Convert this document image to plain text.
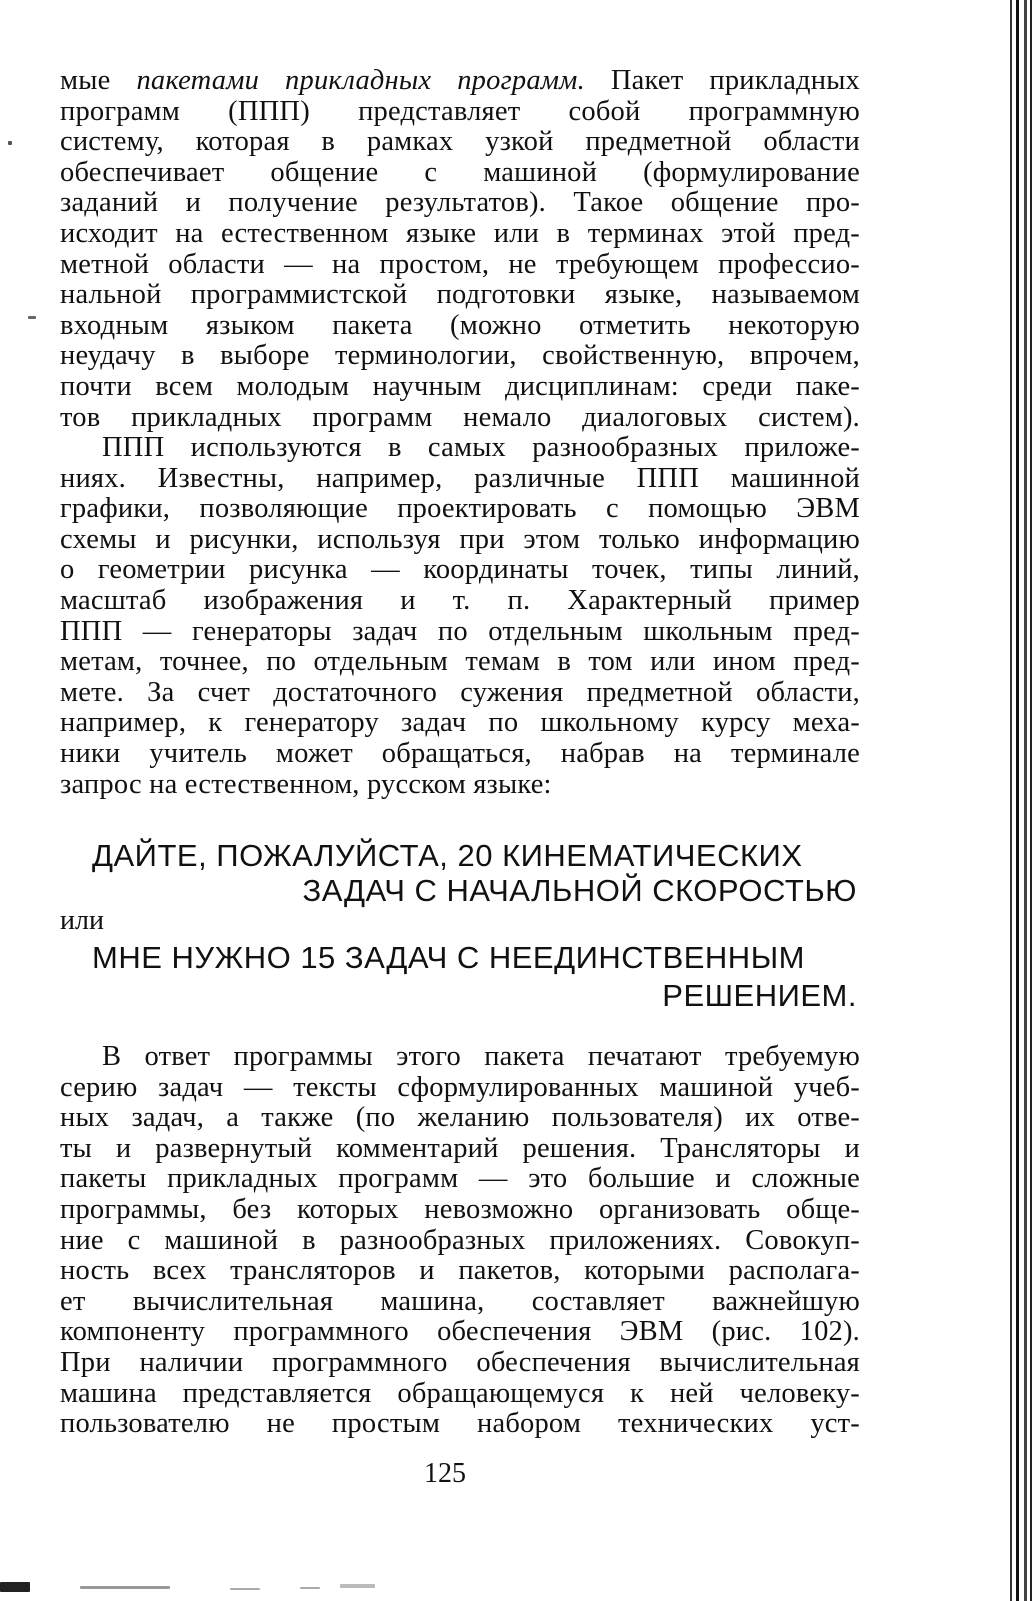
мые пакетами прикладных программ. Пакет прикладных
программ (ППП) представляет собой программную
систему, которая в рамках узкой предметной области
обеспечивает общение с машиной (формулирование
заданий и получение результатов). Такое общение про-
исходит на естественном языке или в терминах этой пред-
метной области — на простом, не требующем профессио-
нальной программистской подготовки языке, называемом
входным языком пакета (можно отметить некоторую
неудачу в выборе терминологии, свойственную, впрочем,
почти всем молодым научным дисциплинам: среди паке-
тов прикладных программ немало диалоговых систем).
ППП используются в самых разнообразных приложе-
ниях. Известны, например, различные ППП машинной
графики, позволяющие проектировать с помощью ЭВМ
схемы и рисунки, используя при этом только информацию
о геометрии рисунка — координаты точек, типы линий,
масштаб изображения и т. п. Характерный пример
ППП — генераторы задач по отдельным школьным пред-
метам, точнее, по отдельным темам в том или ином пред-
мете. За счет достаточного сужения предметной области,
например, к генератору задач по школьному курсу меха-
ники учитель может обращаться, набрав на терминале
запрос на естественном, русском языке:
ДАЙТЕ, ПОЖАЛУЙСТА, 20 КИНЕМАТИЧЕСКИХ
ЗАДАЧ С НАЧАЛЬНОЙ СКОРОСТЬЮ
или
МНЕ НУЖНО 15 ЗАДАЧ С НЕЕДИНСТВЕННЫМ
РЕШЕНИЕМ.
В ответ программы этого пакета печатают требуемую
серию задач — тексты сформулированных машиной учеб-
ных задач, а также (по желанию пользователя) их отве-
ты и развернутый комментарий решения. Трансляторы и
пакеты прикладных программ — это большие и сложные
программы, без которых невозможно организовать обще-
ние с машиной в разнообразных приложениях. Совокуп-
ность всех трансляторов и пакетов, которыми располага-
ет вычислительная машина, составляет важнейшую
компоненту программного обеспечения ЭВМ (рис. 102).
При наличии программного обеспечения вычислительная
машина представляется обращающемуся к ней человеку-
пользователю не простым набором технических уст-
125
